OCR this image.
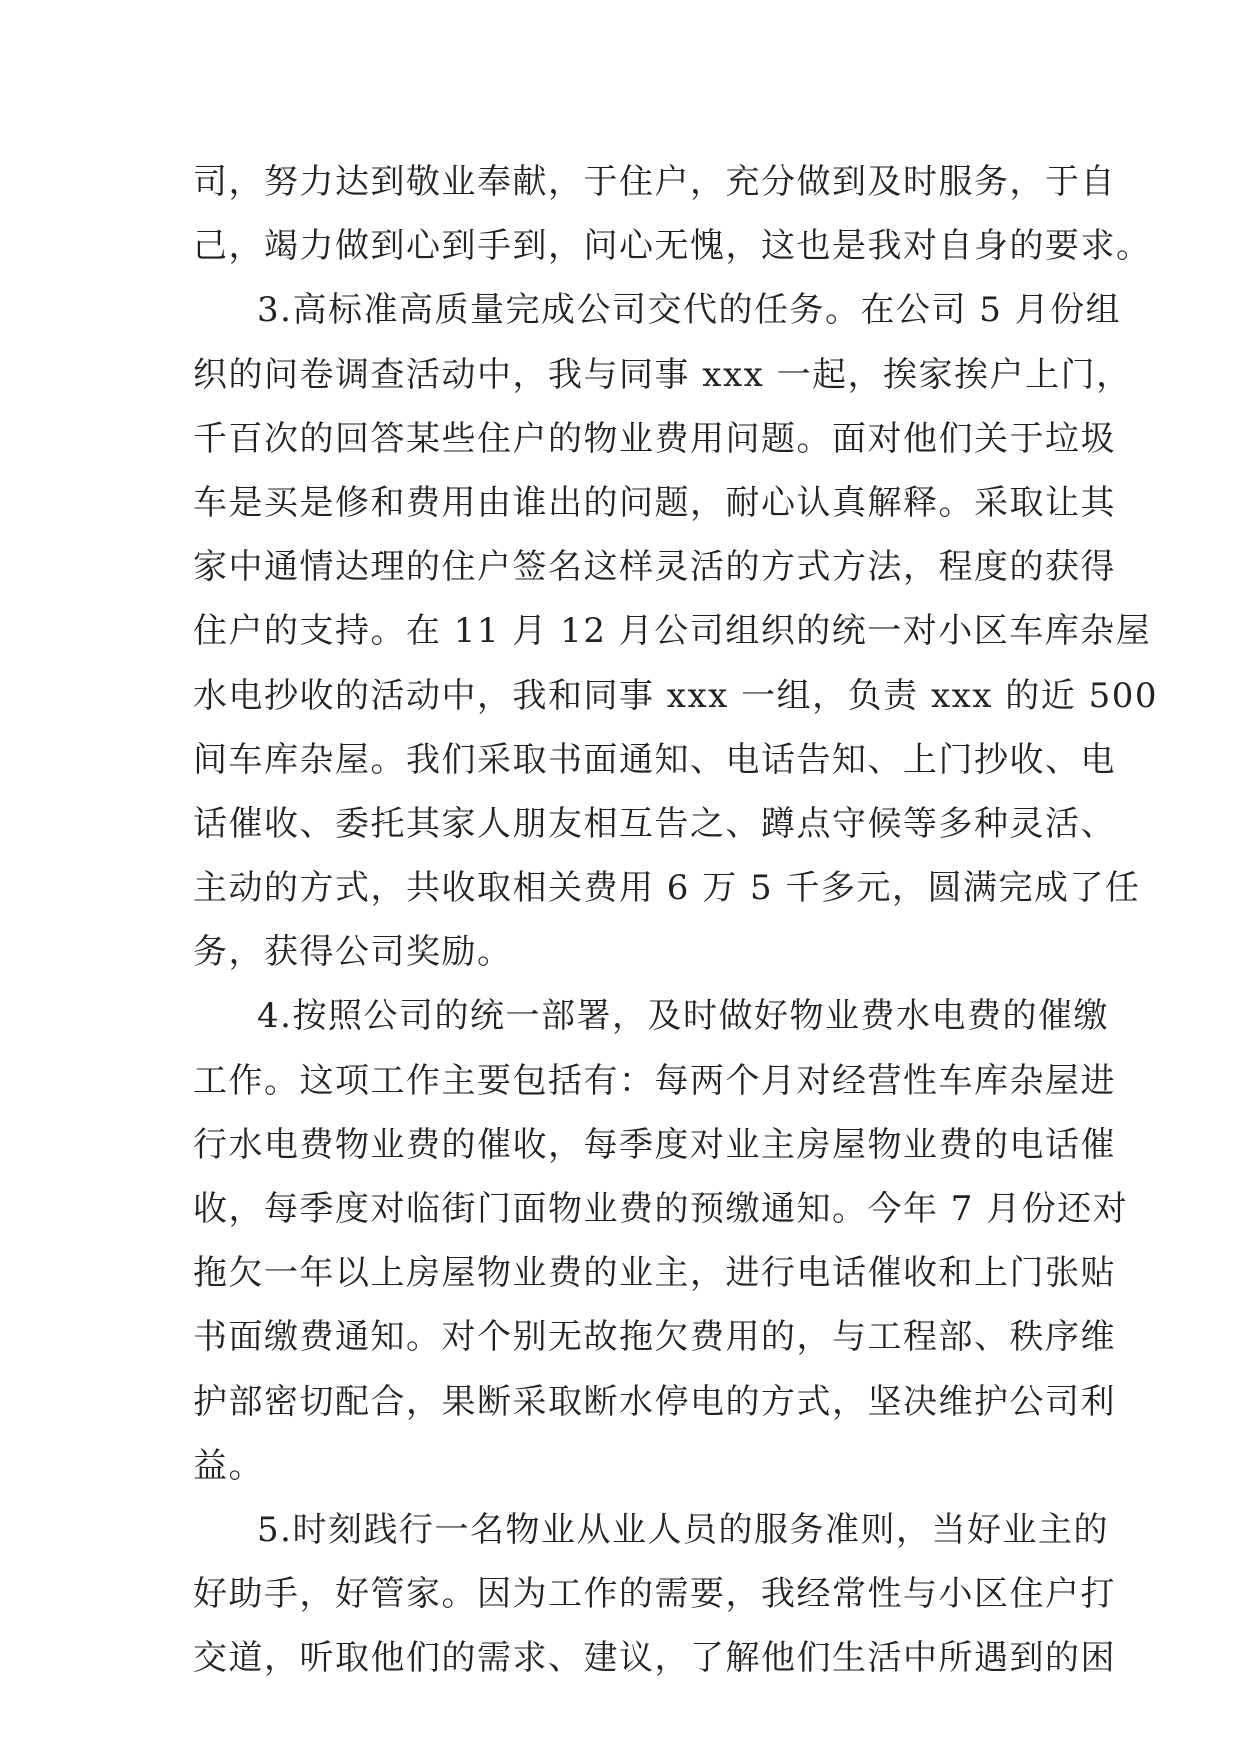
司，努力达到敬业奉献，于住户，充分做到及时服务，于自
己，竭力做到心到手到，问心无愧，这也是我对自身的要求。
3.高标准高质量完成公司交代的任务。在公司 5 月份组
织的问卷调查活动中，我与同事 xxx 一起，挨家挨户上门，
千百次的回答某些住户的物业费用问题。面对他们关于垃圾
车是买是修和费用由谁出的问题，耐心认真解释。采取让其
家中通情达理的住户签名这样灵活的方式方法，程度的获得
住户的支持。在 11 月 12 月公司组织的统一对小区车库杂屋
水电抄收的活动中，我和同事 xxx 一组，负责 xxx 的近 500
间车库杂屋。我们采取书面通知、电话告知、上门抄收、电
话催收、委托其家人朋友相互告之、蹲点守候等多种灵活、
主动的方式，共收取相关费用 6 万 5 千多元，圆满完成了任
务，获得公司奖励。
4.按照公司的统一部署，及时做好物业费水电费的催缴
工作。这项工作主要包括有：每两个月对经营性车库杂屋进
行水电费物业费的催收，每季度对业主房屋物业费的电话催
收，每季度对临街门面物业费的预缴通知。今年 7 月份还对
拖欠一年以上房屋物业费的业主，进行电话催收和上门张贴
书面缴费通知。对个别无故拖欠费用的，与工程部、秩序维
护部密切配合，果断采取断水停电的方式，坚决维护公司利
益。
5.时刻践行一名物业从业人员的服务准则，当好业主的
好助手，好管家。因为工作的需要，我经常性与小区住户打
交道，听取他们的需求、建议，了解他们生活中所遇到的困
